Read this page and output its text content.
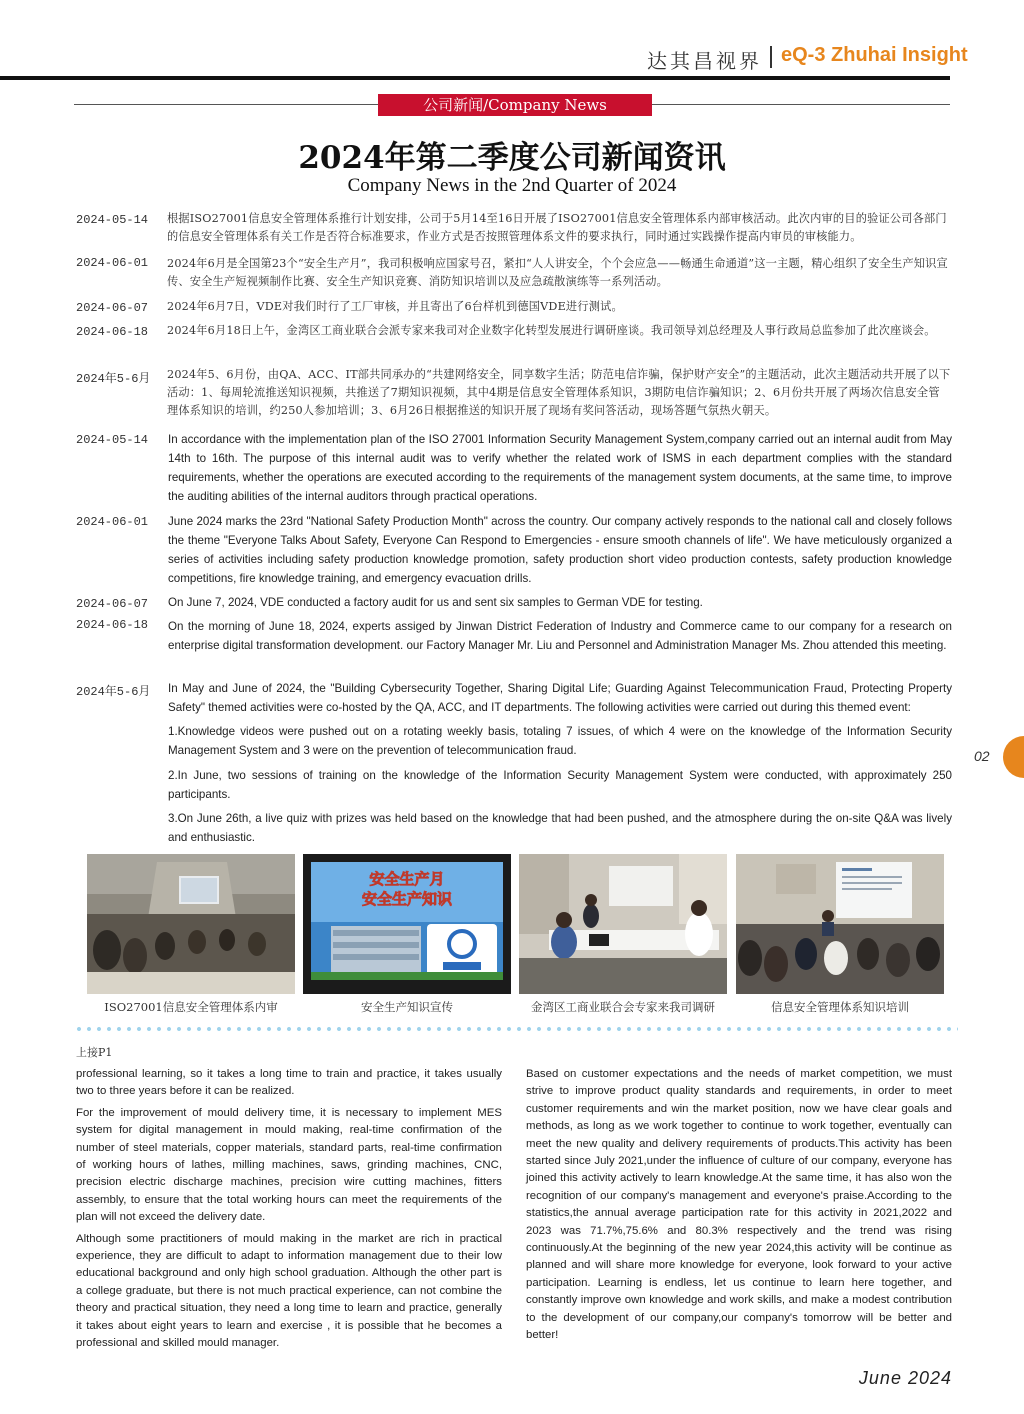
达其昌视界 eQ-3 Zhuhai Insight
公司新闻/Company News
2024年第二季度公司新闻资讯
Company News in the 2nd Quarter of 2024
2024-05-14 根据ISO27001信息安全管理体系推行计划安排，公司于5月14至16日开展了ISO27001信息安全管理体系内部审核活动。此次内审的目的验证公司各部门的信息安全管理体系有关工作是否符合标准要求，作业方式是否按照管理体系文件的要求执行，同时通过实践操作提高内审员的审核能力。
2024-06-01 2024年6月是全国第23个“安全生产月”，我司积极响应国家号召，紧扣“人人讲安全，个个会应急——畅通生命通道”这一主题，精心组织了安全生产知识宣传、安全生产短视频制作比赛、安全生产知识竞赛、消防知识培训以及应急疏散演练等一系列活动。
2024-06-07 2024年6月7日，VDE对我们时行了工厂审核，并且寄出了6台样机到德国VDE进行测试。
2024-06-18 2024年6月18日上午，金湾区工商业联合会派专家来我司对企业数字化转型发展进行调研座谈。我司领导刘总经理及人事行政局总监参加了此次座谈会。
2024年5-6月 2024年5、6月份，由QA、ACC、IT部共同承办的“共建网络安全，同享数字生活；防范电信诈骗，保护财产安全”的主题活动，此次主题活动共开展了以下活动：1、每周轮流推送知识视频，共推送了7期知识视频，其中4期是信息安全管理体系知识，3期防电信诈骗知识；2、6月份共开展了两场次信息安全管理体系知识的培训，约250人参加培训；3、6月26日根据推送的知识开展了现场有奖问答活动，现场答题气氛热火朝天。
2024-05-14 In accordance with the implementation plan of the ISO 27001 Information Security Management System,company carried out an internal audit from May 14th to 16th. The purpose of this internal audit was to verify whether the related work of ISMS in each department complies with the standard requirements, whether the operations are executed according to the requirements of the management system documents, at the same time, to improve the auditing abilities of the internal auditors through practical operations.
2024-06-01 June 2024 marks the 23rd "National Safety Production Month" across the country. Our company actively responds to the national call and closely follows the theme "Everyone Talks About Safety, Everyone Can Respond to Emergencies - ensure smooth channels of life". We have meticulously organized a series of activities including safety production knowledge promotion, safety production short video production contests, safety production knowledge competitions, fire knowledge training, and emergency evacuation drills.
2024-06-07 On June 7, 2024, VDE conducted a factory audit for us and sent six samples to German VDE for testing.
2024-06-18 On the morning of June 18, 2024, experts assiged by Jinwan District Federation of Industry and Commerce came to our company for a research on enterprise digital transformation development. our Factory Manager Mr. Liu and Personnel and Administration Manager Ms. Zhou attended this meeting.
2024年5-6月 In May and June of 2024, the "Building Cybersecurity Together, Sharing Digital Life; Guarding Against Telecommunication Fraud, Protecting Property Safety" themed activities were co-hosted by the QA, ACC, and IT departments. The following activities were carried out during this themed event:
1.Knowledge videos were pushed out on a rotating weekly basis, totaling 7 issues, of which 4 were on the knowledge of the Information Security Management System and 3 were on the prevention of telecommunication fraud.
2.In June, two sessions of training on the knowledge of the Information Security Management System were conducted, with approximately 250 participants.
3.On June 26th, a live quiz with prizes was held based on the knowledge that had been pushed, and the atmosphere during the on-site Q&A was lively and enthusiastic.
02
安全生产月
安全生产知识
ISO27001信息安全管理体系内审	安全生产知识宣传	金湾区工商业联合会专家来我司调研	信息安全管理体系知识培训
上接P1

professional learning, so it takes a long time to train and practice, it takes usually two to three years before it can be realized.

For the improvement of mould delivery time, it is necessary to implement MES system for digital management in mould making, real-time confirmation of the number of steel materials, copper materials, standard parts, real-time confirmation of working hours of lathes, milling machines, saws, grinding machines, CNC, precision electric discharge machines, precision wire cutting machines, fitters assembly, to ensure that the total working hours can meet the requirements of the plan will not exceed the delivery date.

Although some practitioners of mould making in the market are rich in practical experience, they are difficult to adapt to information management due to their low educational background and only high school graduation. Although the other part is a college graduate, but there is not much practical experience, can not combine the theory and practical situation, they need a long time to learn and practice, generally it takes about eight years to learn and exercise , it is possible that he becomes a professional and skilled mould manager.

Based on customer expectations and the needs of market competition, we must strive to improve product quality standards and requirements, in order to meet customer requirements and win the market position, now we have clear goals and methods, as long as we work together to continue to work together, eventually can meet the new quality and delivery requirements of products.This activity has been started since July 2021,under the influence of culture of our company, everyone has joined this activity actively to learn knowledge.At the same time, it has also won the recognition of our company's management and everyone's praise.According to the statistics,the annual average participation rate for this activity in 2021,2022 and 2023 was 71.7%,75.6% and 80.3% respectively and the trend was rising continuously.At the beginning of the new year 2024,this activity will be continue as planned and will share more knowledge for everyone, look forward to your active participation. Learning is endless, let us continue to learn here together, and constantly improve own knowledge and work skills, and make a modest contribution to the development of our company,our company's tomorrow will be better and better!

June 2024
